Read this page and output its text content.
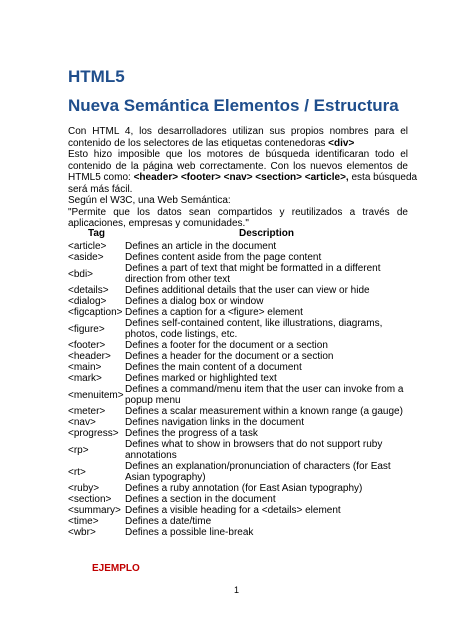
HTML5
Nueva Semántica Elementos / Estructura
Con HTML 4, los desarrolladores utilizan sus propios nombres para el
contenido de los selectores de las etiquetas contenedoras <div>
Esto hizo imposible que los motores de búsqueda identificaran todo el
contenido de la página web correctamente. Con los nuevos elementos de
HTML5 como: <header> <footer> <nav> <section> <article>, esta búsqueda
será más fácil.
Según el W3C, una Web Semántica:
"Permite que los datos sean compartidos y reutilizados a través de
aplicaciones, empresas y comunidades."
Tag	Description
<article>	Defines an article in the document
<aside>	Defines content aside from the page content
<bdi>	Defines a part of text that might be formatted in a different
direction from other text
<details>	Defines additional details that the user can view or hide
<dialog>	Defines a dialog box or window
<figcaption>	Defines a caption for a <figure> element
<figure>	Defines self-contained content, like illustrations, diagrams,
photos, code listings, etc.
<footer>	Defines a footer for the document or a section
<header>	Defines a header for the document or a section
<main>	Defines the main content of a document
<mark>	Defines marked or highlighted text
<menuitem>	Defines a command/menu item that the user can invoke from a
popup menu
<meter>	Defines a scalar measurement within a known range (a gauge)
<nav>	Defines navigation links in the document
<progress>	Defines the progress of a task
<rp>	Defines what to show in browsers that do not support ruby
annotations
<rt>	Defines an explanation/pronunciation of characters (for East
Asian typography)
<ruby>	Defines a ruby annotation (for East Asian typography)
<section>	Defines a section in the document
<summary>	Defines a visible heading for a <details> element
<time>	Defines a date/time
<wbr>	Defines a possible line-break
EJEMPLO
1
